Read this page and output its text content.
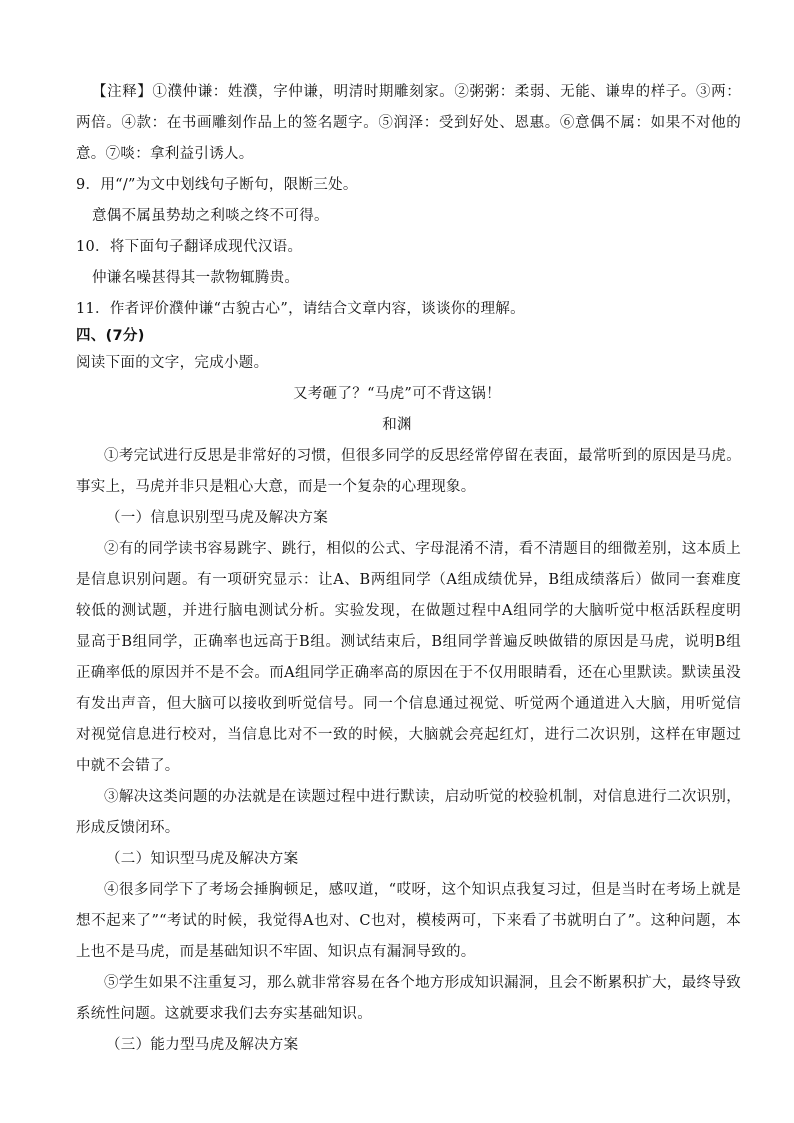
【注释】①濮仲谦：姓濮，字仲谦，明清时期雕刻家。②粥粥：柔弱、无能、谦卑的样子。③两：
两倍。④款：在书画雕刻作品上的签名题字。⑤润泽：受到好处、恩惠。⑥意偶不属：如果不对他的
意。⑦啖：拿利益引诱人。
9．用“/”为文中划线句子断句，限断三处。
意偶不属虽势劫之利啖之终不可得。
10．将下面句子翻译成现代汉语。
仲谦名噪甚得其一款物辄腾贵。
11．作者评价濮仲谦“古貌古心”，请结合文章内容，谈谈你的理解。
四、(7分)
阅读下面的文字，完成小题。
又考砸了？“马虎”可不背这锅！
和渊
①考完试进行反思是非常好的习惯，但很多同学的反思经常停留在表面，最常听到的原因是马虎。
事实上，马虎并非只是粗心大意，而是一个复杂的心理现象。
（一）信息识别型马虎及解决方案
②有的同学读书容易跳字、跳行，相似的公式、字母混淆不清，看不清题目的细微差别，这本质上
是信息识别问题。有一项研究显示：让A、B两组同学（A组成绩优异，B组成绩落后）做同一套难度
较低的测试题，并进行脑电测试分析。实验发现，在做题过程中A组同学的大脑听觉中枢活跃程度明
显高于B组同学，正确率也远高于B组。测试结束后，B组同学普遍反映做错的原因是马虎，说明B组
正确率低的原因并不是不会。而A组同学正确率高的原因在于不仅用眼睛看，还在心里默读。默读虽没
有发出声音，但大脑可以接收到听觉信号。同一个信息通过视觉、听觉两个通道进入大脑，用听觉信
对视觉信息进行校对，当信息比对不一致的时候，大脑就会亮起红灯，进行二次识别，这样在审题过
中就不会错了。
③解决这类问题的办法就是在读题过程中进行默读，启动听觉的校验机制，对信息进行二次识别，
形成反馈闭环。
（二）知识型马虎及解决方案
④很多同学下了考场会捶胸顿足，感叹道，“哎呀，这个知识点我复习过，但是当时在考场上就是
想不起来了”“考试的时候，我觉得A也对、C也对，模棱两可，下来看了书就明白了”。这种问题，本
上也不是马虎，而是基础知识不牢固、知识点有漏洞导致的。
⑤学生如果不注重复习，那么就非常容易在各个地方形成知识漏洞，且会不断累积扩大，最终导致
系统性问题。这就要求我们去夯实基础知识。
（三）能力型马虎及解决方案
